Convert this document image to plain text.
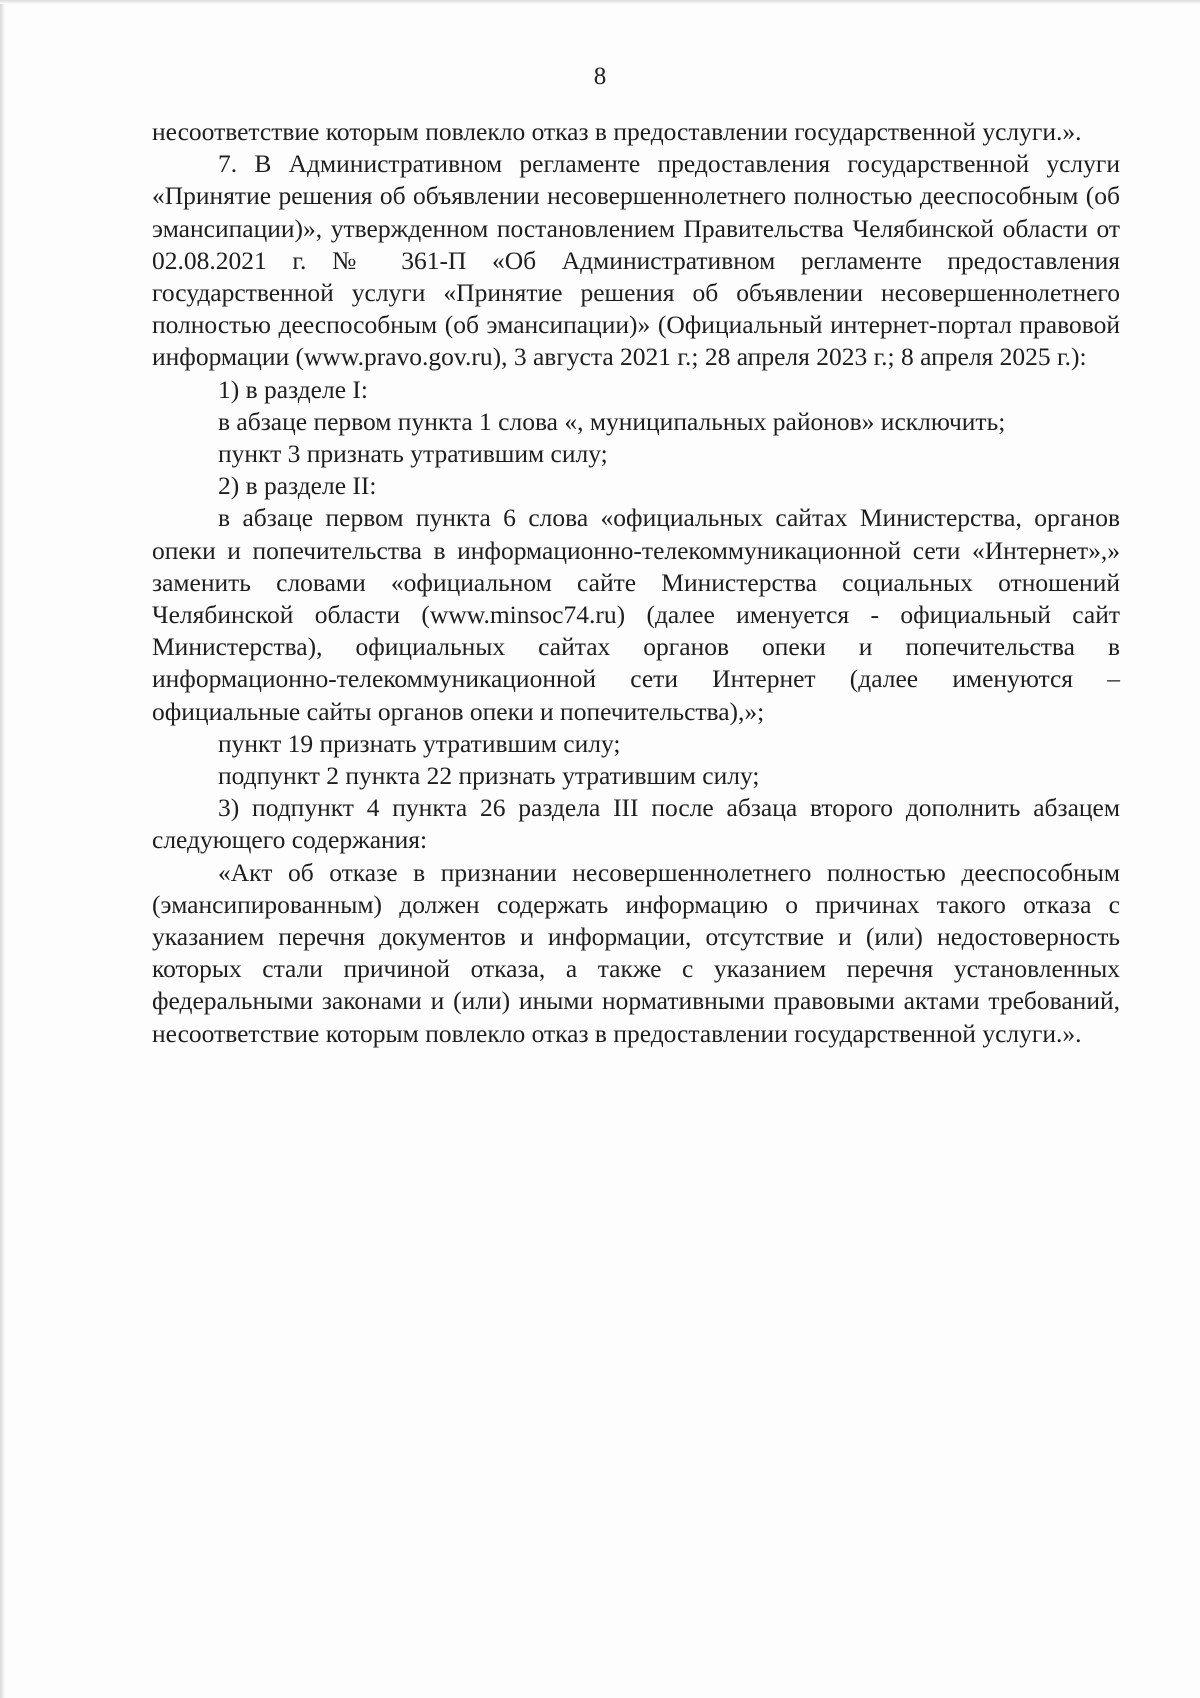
8

несоответствие которым повлекло отказ в предоставлении государственной услуги.».

7. В Административном регламенте предоставления государственной услуги «Принятие решения об объявлении несовершеннолетнего полностью дееспособным (об эмансипации)», утвержденном постановлением Правительства Челябинской области от 02.08.2021 г. № 361-П «Об Административном регламенте предоставления государственной услуги «Принятие решения об объявлении несовершеннолетнего полностью дееспособным (об эмансипации)» (Официальный интернет-портал правовой информации (www.pravo.gov.ru), 3 августа 2021 г.; 28 апреля 2023 г.; 8 апреля 2025 г.):

1) в разделе I:

в абзаце первом пункта 1 слова «, муниципальных районов» исключить;

пункт 3 признать утратившим силу;

2) в разделе II:

в абзаце первом пункта 6 слова «официальных сайтах Министерства, органов опеки и попечительства в информационно-телекоммуникационной сети «Интернет»,» заменить словами «официальном сайте Министерства социальных отношений Челябинской области (www.minsoc74.ru) (далее именуется - официальный сайт Министерства), официальных сайтах органов опеки и попечительства в информационно-телекоммуникационной сети Интернет (далее именуются – официальные сайты органов опеки и попечительства),»;

пункт 19 признать утратившим силу;

подпункт 2 пункта 22 признать утратившим силу;

3) подпункт 4 пункта 26 раздела III после абзаца второго дополнить абзацем следующего содержания:

«Акт об отказе в признании несовершеннолетнего полностью дееспособным (эмансипированным) должен содержать информацию о причинах такого отказа с указанием перечня документов и информации, отсутствие и (или) недостоверность которых стали причиной отказа, а также с указанием перечня установленных федеральными законами и (или) иными нормативными правовыми актами требований, несоответствие которым повлекло отказ в предоставлении государственной услуги.».
